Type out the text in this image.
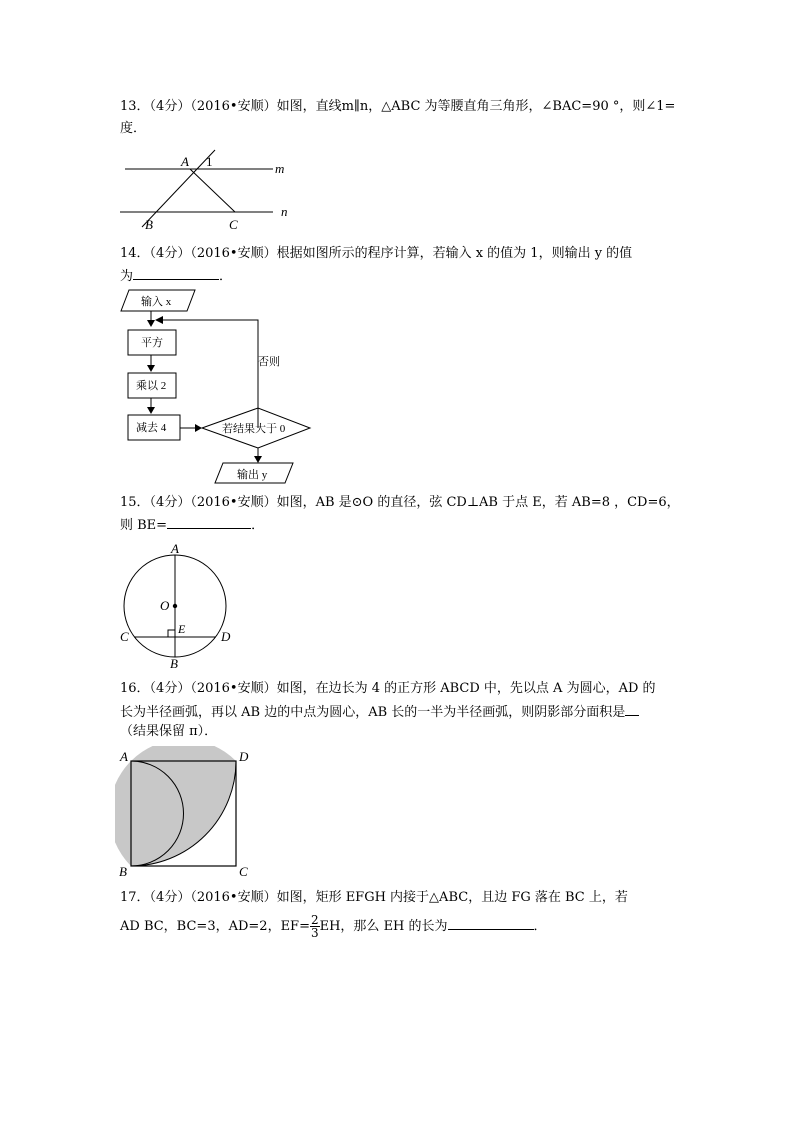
13．（4分）（2016•安顺）如图，直线m∥n，△ABC 为等腰直角三角形，∠BAC=90 °，则∠1=
度．
A 1	m
n
B	C
14．（4分）（2016•安顺）根据如图所示的程序计算，若输入 x 的值为 1，则输出 y 的值
为	．
输入 x
否则
平方
乘以 2
减去 4	若结果大于 0
输出 y
15．（4分）（2016•安顺）如图，AB 是⊙O 的直径，弦 CD⊥AB 于点 E，若 AB=8 ，CD=6，
则 BE=	．
A
O
E
C	D
B
16．（4分）（2016•安顺）如图，在边长为 4 的正方形 ABCD 中，先以点 A 为圆心，AD 的
长为半径画弧，再以 AB 边的中点为圆心，AB 长的一半为半径画弧，则阴影部分面积是
（结果保留 π）．
A	D
B	C
17．（4分）（2016•安顺）如图，矩形 EFGH 内接于△ABC，且边 FG 落在 BC 上，若
AD BC，BC=3，AD=2，$EF= \frac{2}{3}$ EH，那么 EH 的长为	．
